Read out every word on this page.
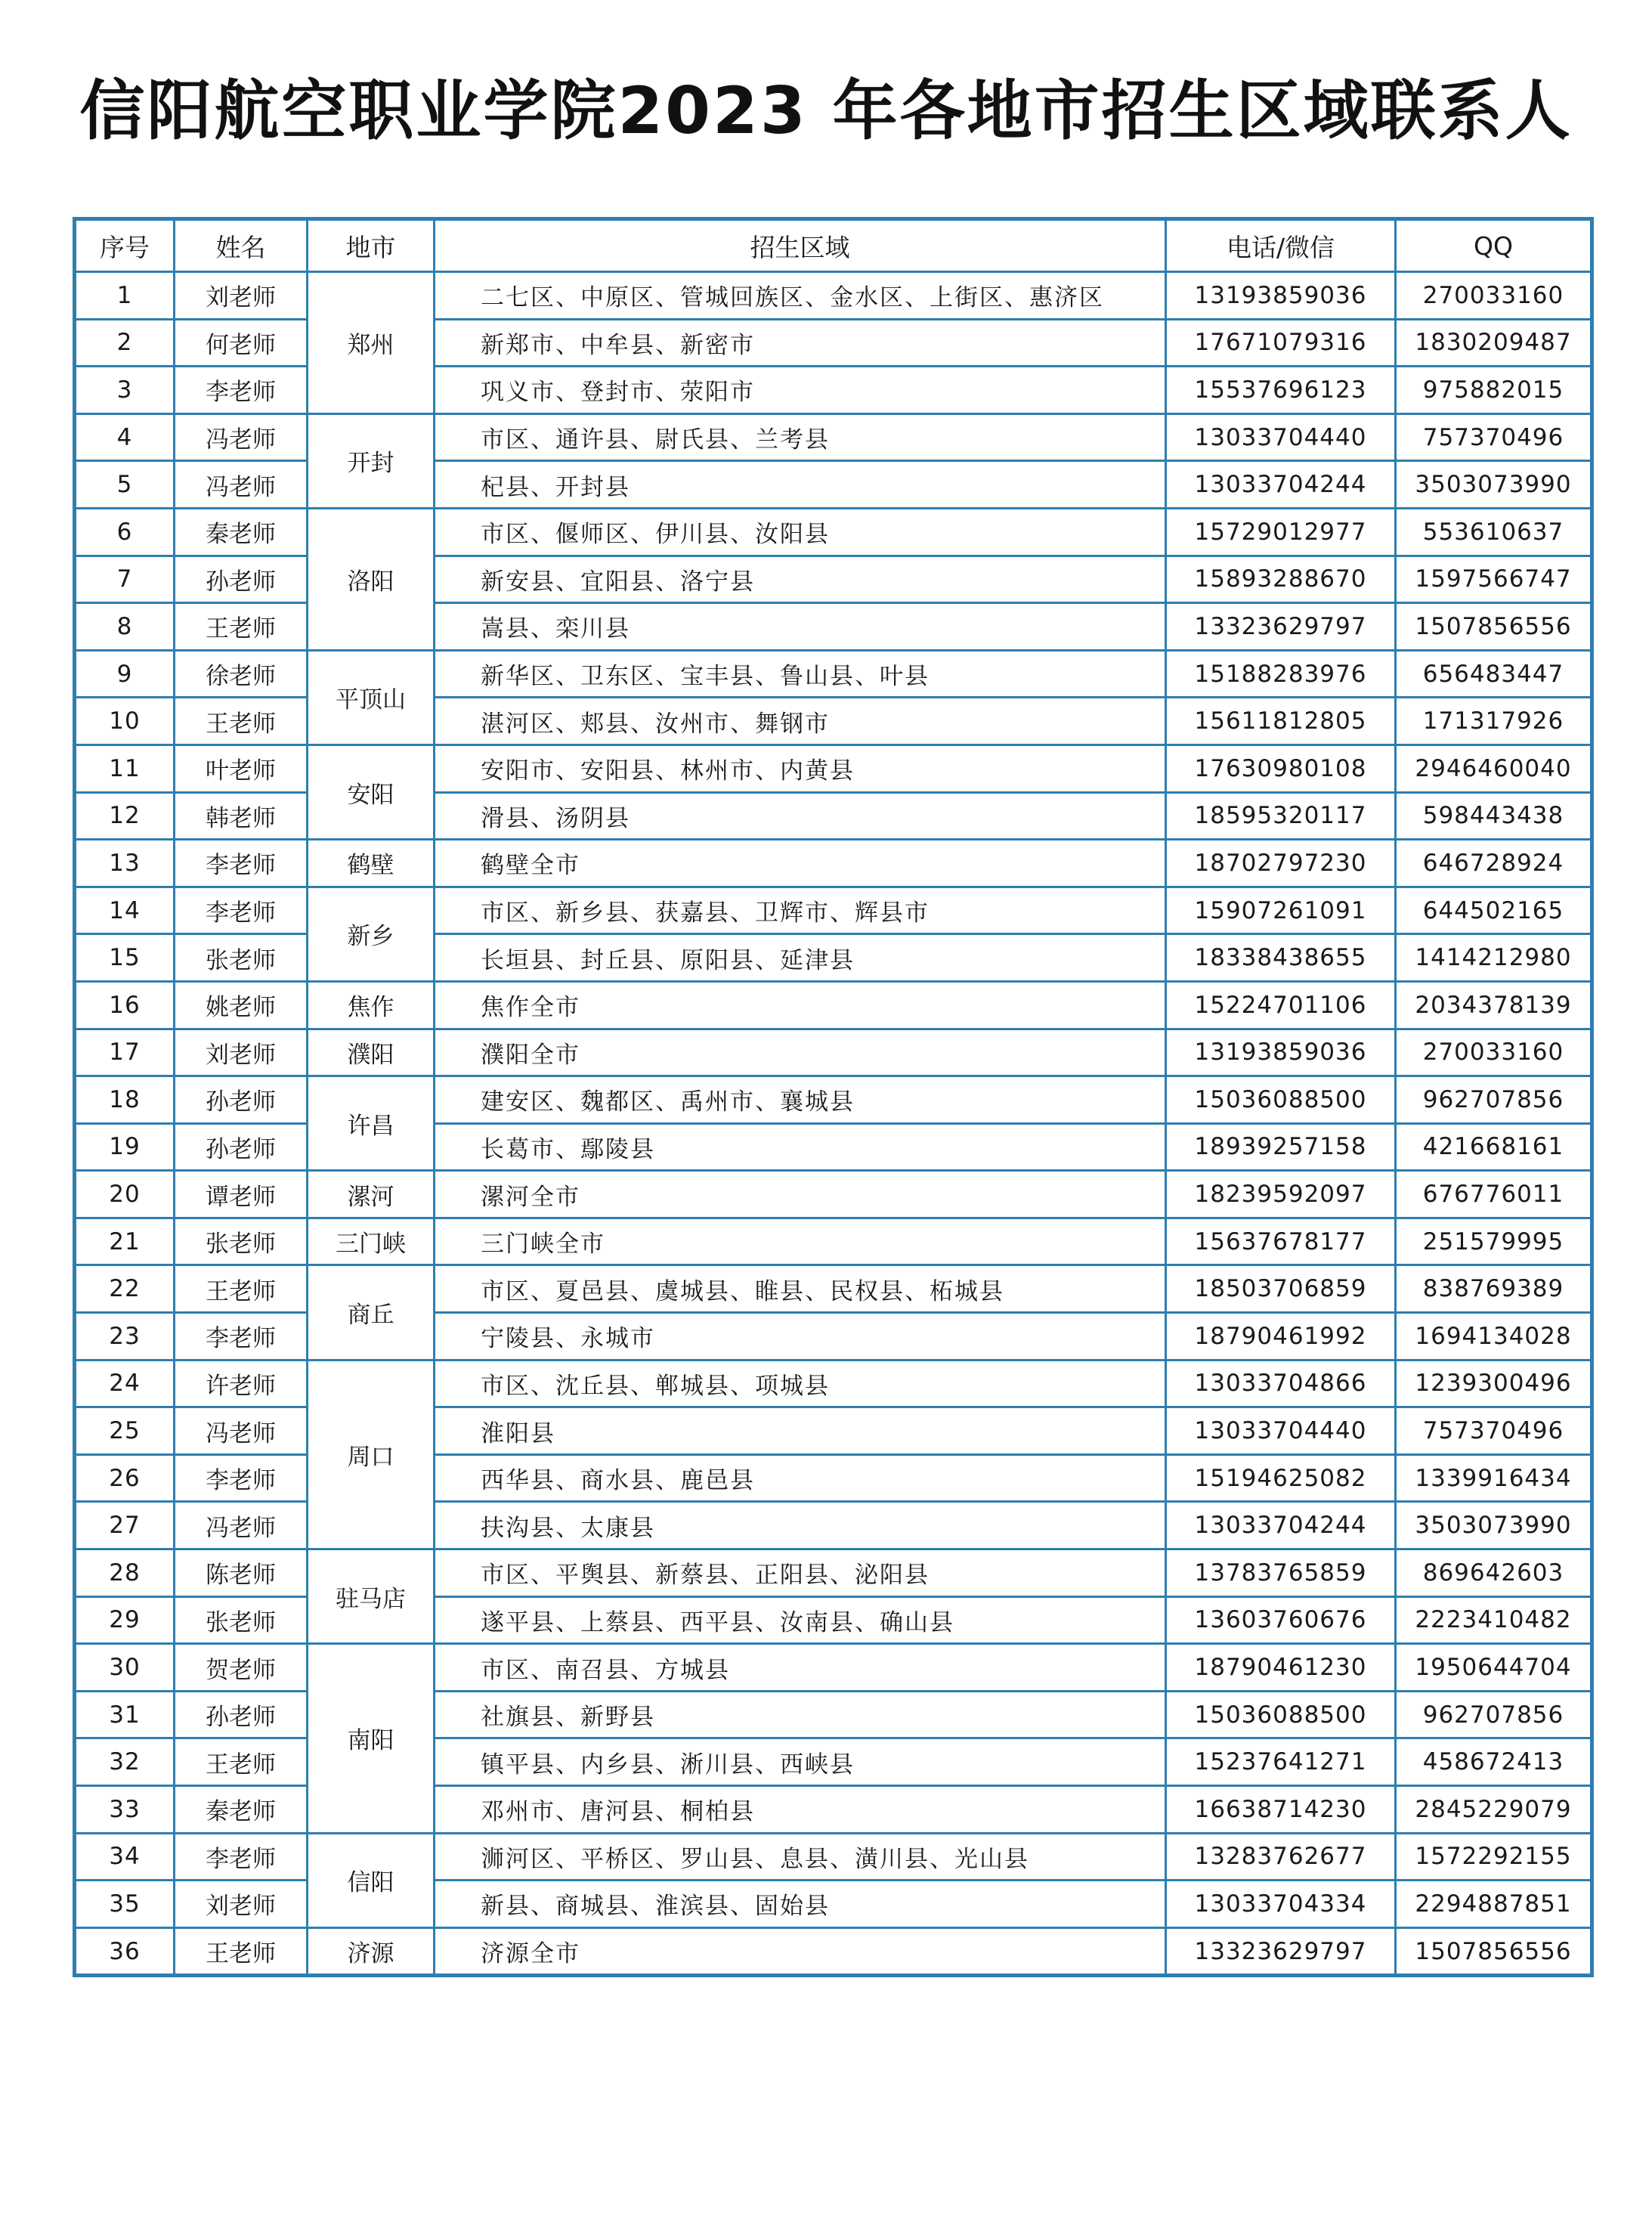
信阳航空职业学院2023 年各地市招生区域联系人
序号	姓名	地市	招生区域	电话/微信	QQ
1	刘老师	郑州	二七区、中原区、管城回族区、金水区、上街区、惠济区	13193859036	270033160
2	何老师		新郑市、中牟县、新密市	17671079316	1830209487
3	李老师		巩义市、登封市、荥阳市	15537696123	975882015
4	冯老师	开封	市区、通许县、尉氏县、兰考县	13033704440	757370496
5	冯老师		杞县、开封县	13033704244	3503073990
6	秦老师	洛阳	市区、偃师区、伊川县、汝阳县	15729012977	553610637
7	孙老师		新安县、宜阳县、洛宁县	15893288670	1597566747
8	王老师		嵩县、栾川县	13323629797	1507856556
9	徐老师	平顶山	新华区、卫东区、宝丰县、鲁山县、叶县	15188283976	656483447
10	王老师		湛河区、郏县、汝州市、舞钢市	15611812805	171317926
11	叶老师	安阳	安阳市、安阳县、林州市、内黄县	17630980108	2946460040
12	韩老师		滑县、汤阴县	18595320117	598443438
13	李老师	鹤壁	鹤壁全市	18702797230	646728924
14	李老师	新乡	市区、新乡县、获嘉县、卫辉市、辉县市	15907261091	644502165
15	张老师		长垣县、封丘县、原阳县、延津县	18338438655	1414212980
16	姚老师	焦作	焦作全市	15224701106	2034378139
17	刘老师	濮阳	濮阳全市	13193859036	270033160
18	孙老师	许昌	建安区、魏都区、禹州市、襄城县	15036088500	962707856
19	孙老师		长葛市、鄢陵县	18939257158	421668161
20	谭老师	漯河	漯河全市	18239592097	676776011
21	张老师	三门峡	三门峡全市	15637678177	251579995
22	王老师	商丘	市区、夏邑县、虞城县、睢县、民权县、柘城县	18503706859	838769389
23	李老师		宁陵县、永城市	18790461992	1694134028
24	许老师	周口	市区、沈丘县、郸城县、项城县	13033704866	1239300496
25	冯老师		淮阳县	13033704440	757370496
26	李老师		西华县、商水县、鹿邑县	15194625082	1339916434
27	冯老师		扶沟县、太康县	13033704244	3503073990
28	陈老师	驻马店	市区、平舆县、新蔡县、正阳县、泌阳县	13783765859	869642603
29	张老师		遂平县、上蔡县、西平县、汝南县、确山县	13603760676	2223410482
30	贺老师	南阳	市区、南召县、方城县	18790461230	1950644704
31	孙老师		社旗县、新野县	15036088500	962707856
32	王老师		镇平县、内乡县、淅川县、西峡县	15237641271	458672413
33	秦老师		邓州市、唐河县、桐柏县	16638714230	2845229079
34	李老师	信阳	浉河区、平桥区、罗山县、息县、潢川县、光山县	13283762677	1572292155
35	刘老师		新县、商城县、淮滨县、固始县	13033704334	2294887851
36	王老师	济源	济源全市	13323629797	1507856556
